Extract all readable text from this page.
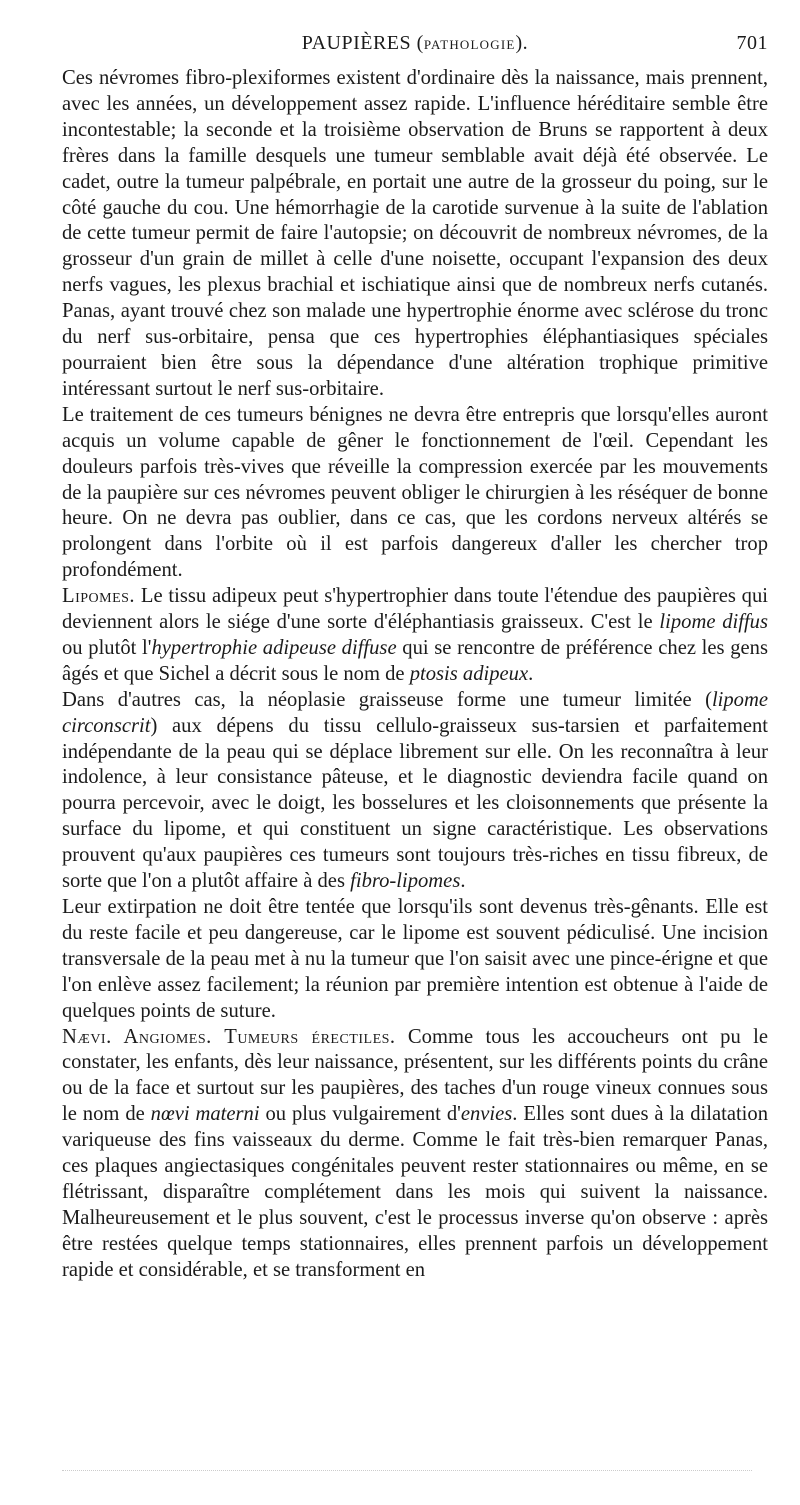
PAUPIÈRES (PATHOLOGIE).	701

Ces névromes fibro-plexiformes existent d'ordinaire dès la naissance, mais prennent, avec les années, un développement assez rapide. L'influence héréditaire semble être incontestable; la seconde et la troisième observation de Bruns se rapportent à deux frères dans la famille desquels une tumeur semblable avait déjà été observée. Le cadet, outre la tumeur palpébrale, en portait une autre de la grosseur du poing, sur le côté gauche du cou. Une hémorrhagie de la carotide survenue à la suite de l'ablation de cette tumeur permit de faire l'autopsie; on découvrit de nombreux névromes, de la grosseur d'un grain de millet à celle d'une noisette, occupant l'expansion des deux nerfs vagues, les plexus brachial et ischiatique ainsi que de nombreux nerfs cutanés. Panas, ayant trouvé chez son malade une hypertrophie énorme avec sclérose du tronc du nerf sus-orbitaire, pensa que ces hypertrophies éléphantiasiques spéciales pourraient bien être sous la dépendance d'une altération trophique primitive intéressant surtout le nerf sus-orbitaire.

Le traitement de ces tumeurs bénignes ne devra être entrepris que lorsqu'elles auront acquis un volume capable de gêner le fonctionnement de l'œil. Cependant les douleurs parfois très-vives que réveille la compression exercée par les mouvements de la paupière sur ces névromes peuvent obliger le chirurgien à les réséquer de bonne heure. On ne devra pas oublier, dans ce cas, que les cordons nerveux altérés se prolongent dans l'orbite où il est parfois dangereux d'aller les chercher trop profondément.

Lipomes. Le tissu adipeux peut s'hypertrophier dans toute l'étendue des paupières qui deviennent alors le siége d'une sorte d'éléphantiasis graisseux. C'est le lipome diffus ou plutôt l'hypertrophie adipeuse diffuse qui se rencontre de préférence chez les gens âgés et que Sichel a décrit sous le nom de ptosis adipeux.

Dans d'autres cas, la néoplasie graisseuse forme une tumeur limitée (lipome circonscrit) aux dépens du tissu cellulo-graisseux sus-tarsien et parfaitement indépendante de la peau qui se déplace librement sur elle. On les reconnaîtra à leur indolence, à leur consistance pâteuse, et le diagnostic deviendra facile quand on pourra percevoir, avec le doigt, les bosselures et les cloisonnements que présente la surface du lipome, et qui constituent un signe caractéristique. Les observations prouvent qu'aux paupières ces tumeurs sont toujours très-riches en tissu fibreux, de sorte que l'on a plutôt affaire à des fibro-lipomes.

Leur extirpation ne doit être tentée que lorsqu'ils sont devenus très-gênants. Elle est du reste facile et peu dangereuse, car le lipome est souvent pédiculisé. Une incision transversale de la peau met à nu la tumeur que l'on saisit avec une pince-érigne et que l'on enlève assez facilement; la réunion par première intention est obtenue à l'aide de quelques points de suture.

Nævi. Angiomes. Tumeurs érectiles. Comme tous les accoucheurs ont pu le constater, les enfants, dès leur naissance, présentent, sur les différents points du crâne ou de la face et surtout sur les paupières, des taches d'un rouge vineux connues sous le nom de nœvi materni ou plus vulgairement d'envies. Elles sont dues à la dilatation variqueuse des fins vaisseaux du derme. Comme le fait très-bien remarquer Panas, ces plaques angiectasiques congénitales peuvent rester stationnaires ou même, en se flétrissant, disparaître complétement dans les mois qui suivent la naissance. Malheureusement et le plus souvent, c'est le processus inverse qu'on observe : après être restées quelque temps stationnaires, elles prennent parfois un développement rapide et considérable, et se transforment en
